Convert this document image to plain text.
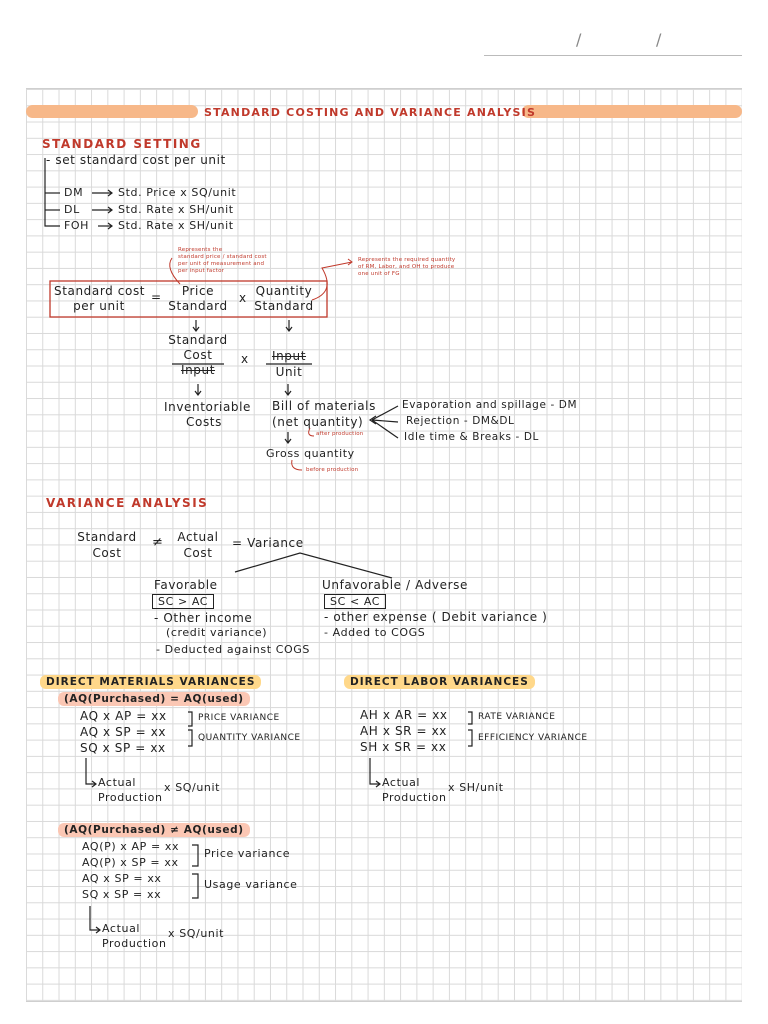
/	/
STANDARD COSTING AND VARIANCE ANALYSIS
STANDARD SETTING
- set standard cost per unit
DM	Std. Price x SQ/unit
DL	Std. Rate x SH/unit
FOH	Std. Rate x SH/unit
Represents the
standard price / standard cost
per unit of measurement and
per input factor
Represents the required quantity
of RM, Labor, and OH to produce
one unit of FG
Standard cost
per unit
=	Price
Standard
x Quantity
Standard
Standard
Cost
Input
x	Input
Unit
Inventoriable
Costs
Bill of materials
(net quantity)
after production
Gross quantity
before production
Evaporation and spillage - DM
Rejection - DM&DL
Idle time & Breaks - DL
VARIANCE ANALYSIS
Standard
Cost
≠	Actual
Cost
= Variance
Favorable
SC > AC
- Other income
(credit variance)
- Deducted against COGS
Unfavorable / Adverse
SC < AC
- other expense ( Debit variance )
- Added to COGS
DIRECT MATERIALS VARIANCES
(AQ(Purchased) = AQ(used)
AQ x AP = xx
AQ x SP = xx
SQ x SP = xx
PRICE VARIANCE
QUANTITY VARIANCE
Actual
Production
x SQ/unit
(AQ(Purchased) ≠ AQ(used)
AQ(P) x AP = xx
AQ(P) x SP = xx
AQ x SP = xx
SQ x SP = xx
Price variance
Usage variance
Actual
Production
x SQ/unit
DIRECT LABOR VARIANCES
AH x AR = xx
AH x SR = xx
SH x SR = xx
RATE VARIANCE
EFFICIENCY VARIANCE
Actual
Production
x SH/unit
